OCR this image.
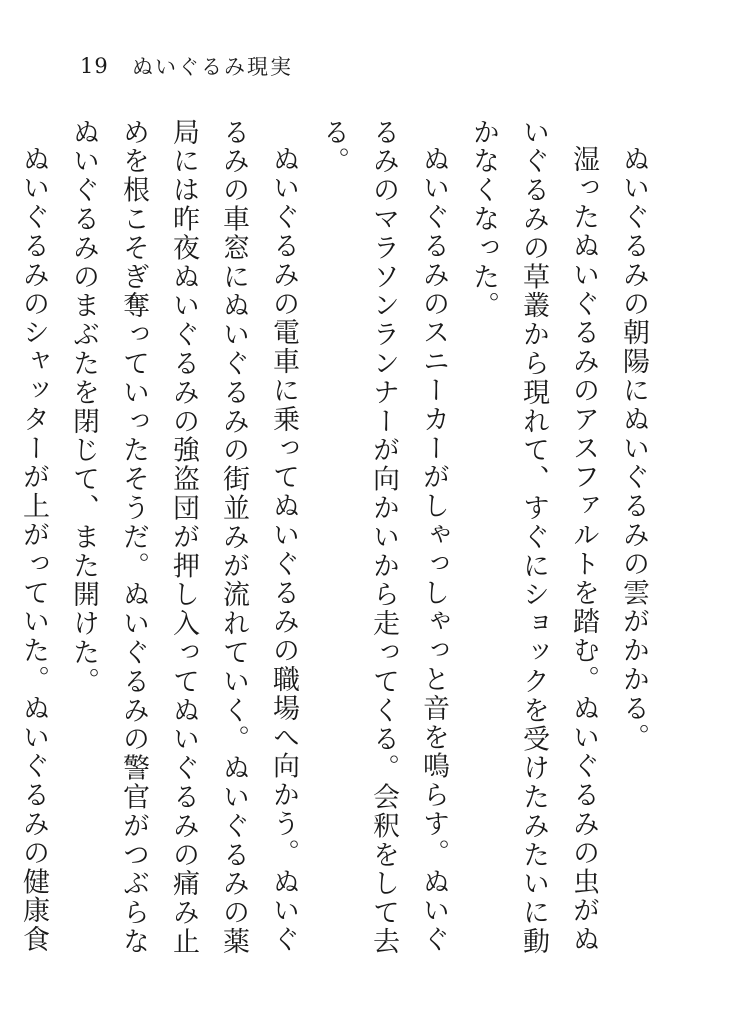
19	ぬいぐるみ現実

ぬいぐるみの朝陽にぬいぐるみの雲がかかる。

湿ったぬいぐるみのアスファルトを踏む。ぬいぐるみの虫がぬいぐるみの草叢から現れて、すぐにショックを受けたみたいに動かなくなった。

ぬいぐるみのスニーカーがしゃっしゃっと音を鳴らす。ぬいぐるみのマラソンランナーが向かいから走ってくる。会釈をして去る。

ぬいぐるみの電車に乗ってぬいぐるみの職場へ向かう。ぬいぐるみの車窓にぬいぐるみの街並みが流れていく。ぬいぐるみの薬局には昨夜ぬいぐるみの強盗団が押し入ってぬいぐるみの痛み止めを根こそぎ奪っていったそうだ。ぬいぐるみの警官がつぶらなぬいぐるみのまぶたを閉じて、また開けた。

ぬいぐるみのシャッターが上がっていた。ぬいぐるみの健康食
